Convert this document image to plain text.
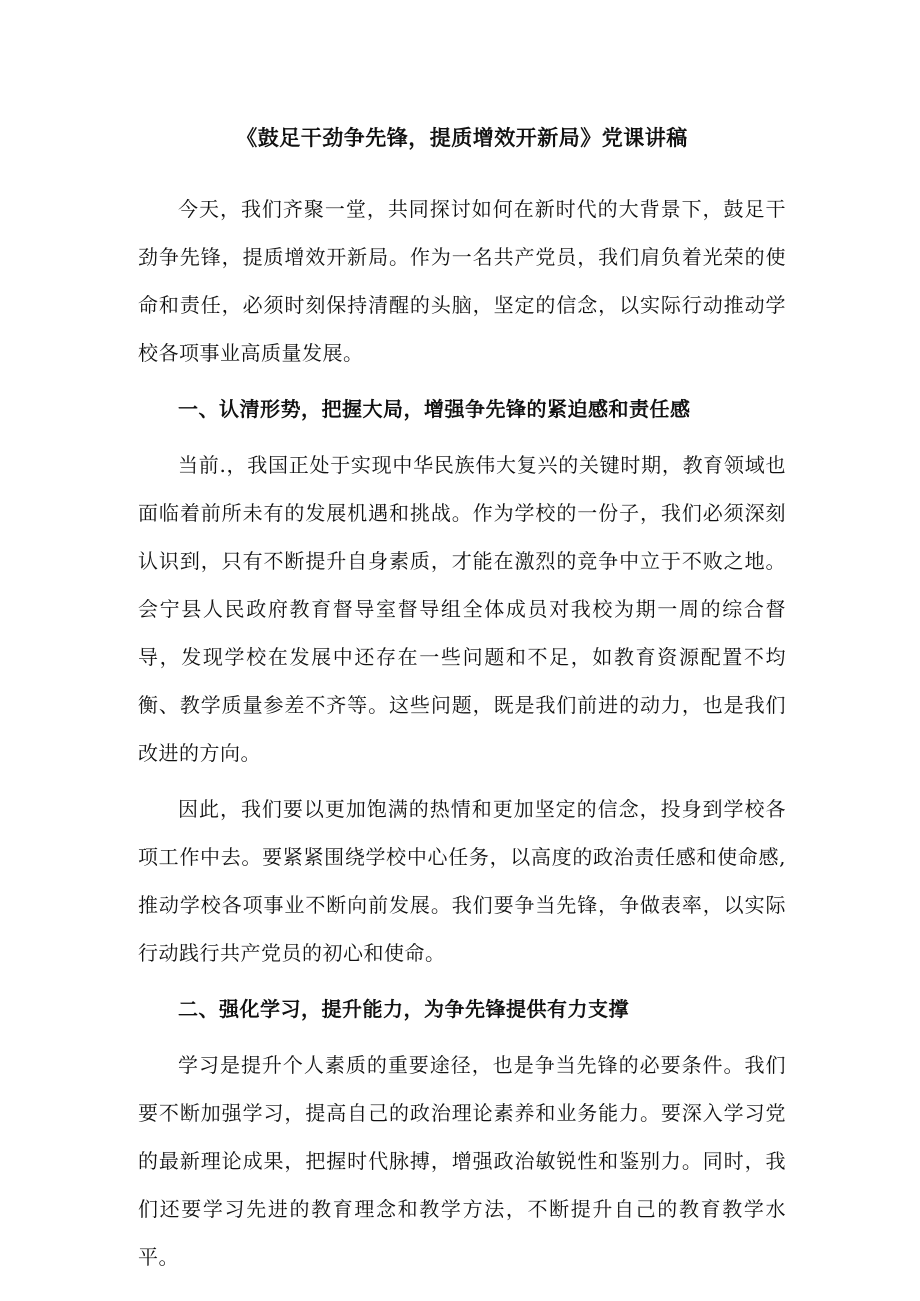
《鼓足干劲争先锋，提质增效开新局》党课讲稿

今天，我们齐聚一堂，共同探讨如何在新时代的大背景下，鼓足干劲争先锋，提质增效开新局。作为一名共产党员，我们肩负着光荣的使命和责任，必须时刻保持清醒的头脑，坚定的信念，以实际行动推动学校各项事业高质量发展。

一、认清形势，把握大局，增强争先锋的紧迫感和责任感

当前.，我国正处于实现中华民族伟大复兴的关键时期，教育领域也面临着前所未有的发展机遇和挑战。作为学校的一份子，我们必须深刻认识到，只有不断提升自身素质，才能在激烈的竞争中立于不败之地。会宁县人民政府教育督导室督导组全体成员对我校为期一周的综合督导，发现学校在发展中还存在一些问题和不足，如教育资源配置不均衡、教学质量参差不齐等。这些问题，既是我们前进的动力，也是我们改进的方向。

因此，我们要以更加饱满的热情和更加坚定的信念，投身到学校各项工作中去。要紧紧围绕学校中心任务，以高度的政治责任感和使命感,推动学校各项事业不断向前发展。我们要争当先锋，争做表率，以实际行动践行共产党员的初心和使命。

二、强化学习，提升能力，为争先锋提供有力支撑

学习是提升个人素质的重要途径，也是争当先锋的必要条件。我们要不断加强学习，提高自己的政治理论素养和业务能力。要深入学习党的最新理论成果，把握时代脉搏，增强政治敏锐性和鉴别力。同时，我们还要学习先进的教育理念和教学方法，不断提升自己的教育教学水平。
